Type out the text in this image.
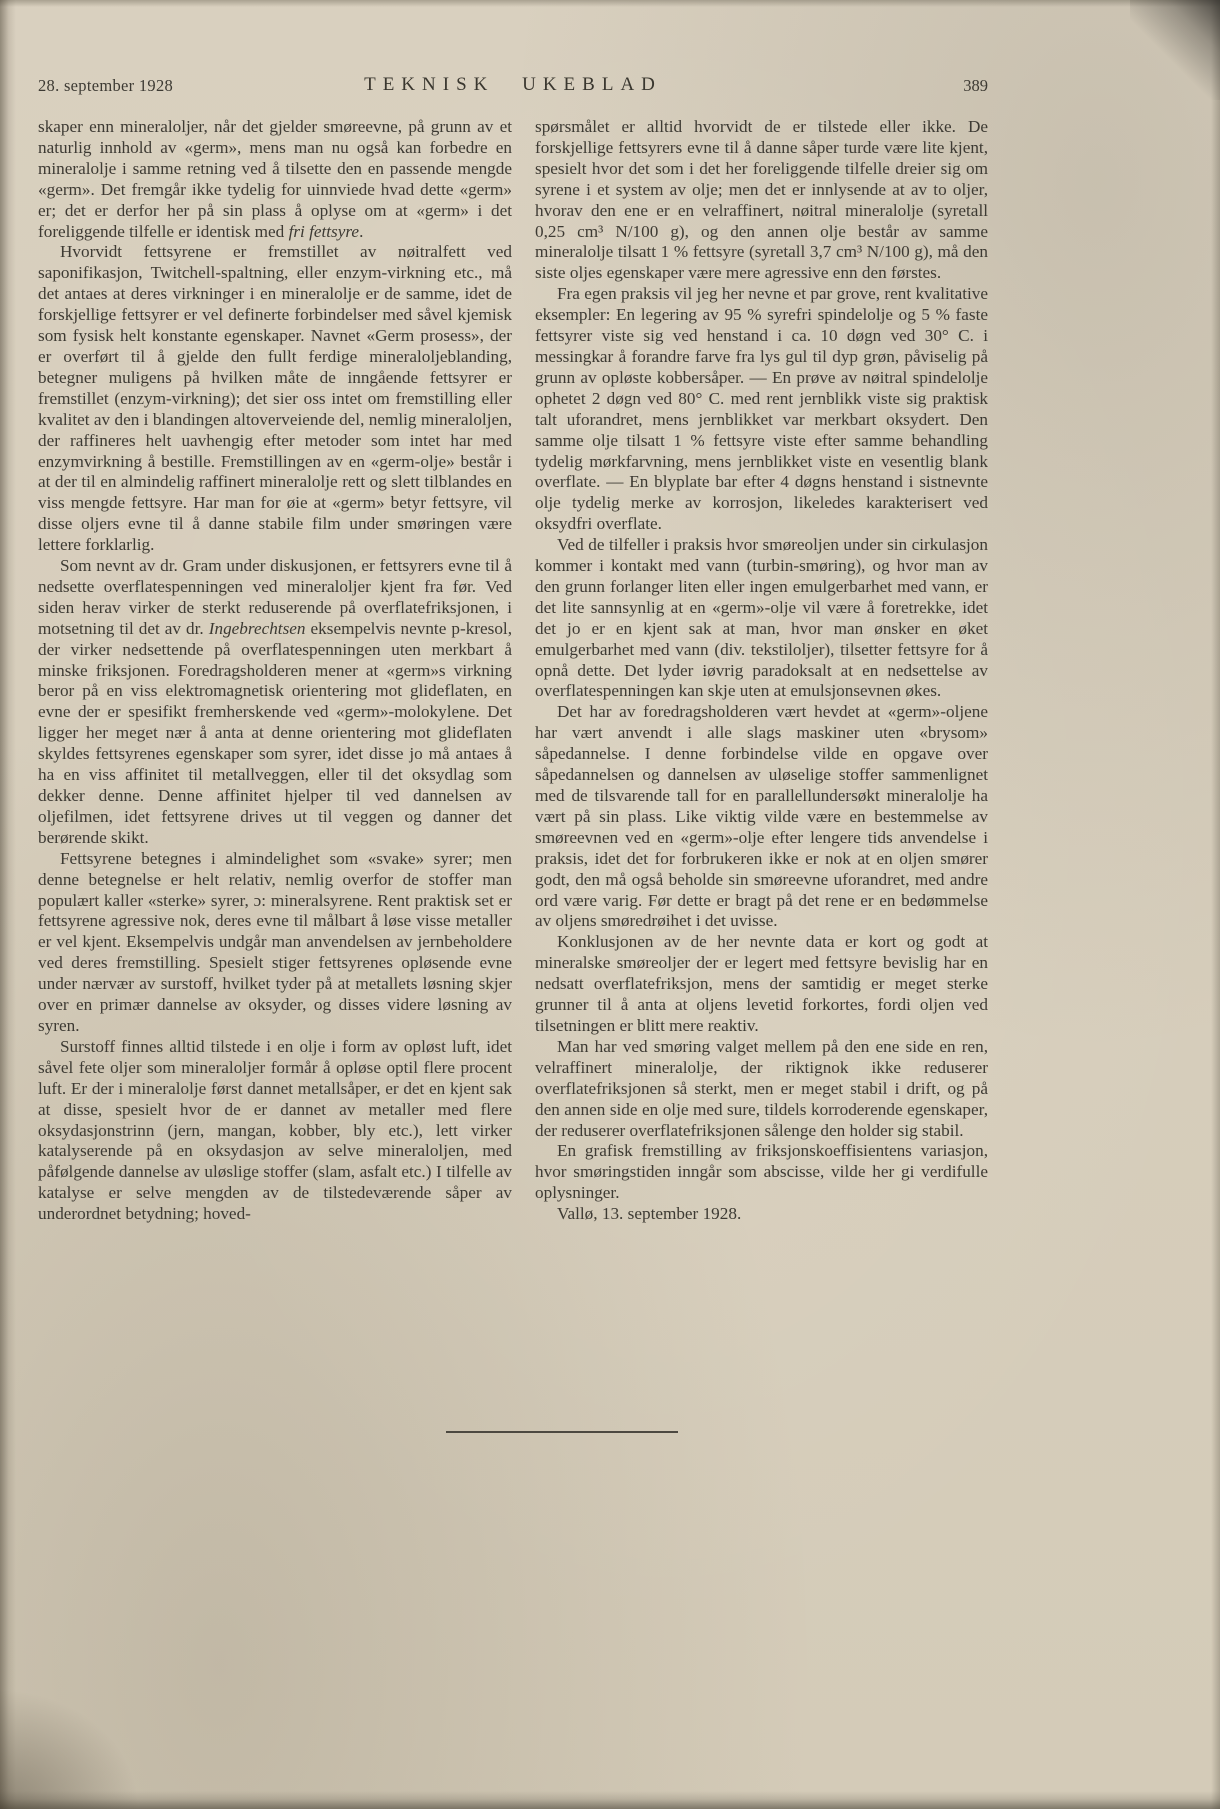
28. september 1928	TEKNISK UKEBLAD	389

skaper enn mineraloljer, når det gjelder smøreevne, på grunn av et naturlig innhold av «germ», mens man nu også kan forbedre en mineralolje i samme retning ved å tilsette den en passende mengde «germ». Det fremgår ikke tydelig for uinnviede hvad dette «germ» er; det er derfor her på sin plass å oplyse om at «germ» i det foreliggende tilfelle er identisk med fri fettsyre.

Hvorvidt fettsyrene er fremstillet av nøitralfett ved saponifikasjon, Twitchell-spaltning, eller enzym-virkning etc., må det antaes at deres virkninger i en mineralolje er de samme, idet de forskjellige fettsyrer er vel definerte forbindelser med såvel kjemisk som fysisk helt konstante egenskaper. Navnet «Germ prosess», der er overført til å gjelde den fullt ferdige mineraloljeblanding, betegner muligens på hvilken måte de inngående fettsyrer er fremstillet (enzym-virkning); det sier oss intet om fremstilling eller kvalitet av den i blandingen altoverveiende del, nemlig mineraloljen, der raffineres helt uavhengig efter metoder som intet har med enzymvirkning å bestille. Fremstillingen av en «germ-olje» består i at der til en almindelig raffinert mineralolje rett og slett tilblandes en viss mengde fettsyre. Har man for øie at «germ» betyr fettsyre, vil disse oljers evne til å danne stabile film under smøringen være lettere forklarlig.

Som nevnt av dr. Gram under diskusjonen, er fettsyrers evne til å nedsette overflatespenningen ved mineraloljer kjent fra før. Ved siden herav virker de sterkt reduserende på overflatefriksjonen, i motsetning til det av dr. Ingebrechtsen eksempelvis nevnte p-kresol, der virker nedsettende på overflatespenningen uten merkbart å minske friksjonen. Foredragsholderen mener at «germ»s virkning beror på en viss elektromagnetisk orientering mot glideflaten, en evne der er spesifikt fremherskende ved «germ»-molokylene. Det ligger her meget nær å anta at denne orientering mot glideflaten skyldes fettsyrenes egenskaper som syrer, idet disse jo må antaes å ha en viss affinitet til metallveggen, eller til det oksydlag som dekker denne. Denne affinitet hjelper til ved dannelsen av oljefilmen, idet fettsyrene drives ut til veggen og danner det berørende skikt.

Fettsyrene betegnes i almindelighet som «svake» syrer; men denne betegnelse er helt relativ, nemlig overfor de stoffer man populært kaller «sterke» syrer, ɔ: mineralsyrene. Rent praktisk set er fettsyrene agressive nok, deres evne til målbart å løse visse metaller er vel kjent. Eksempelvis undgår man anvendelsen av jernbeholdere ved deres fremstilling. Spesielt stiger fettsyrenes opløsende evne under nærvær av surstoff, hvilket tyder på at metallets løsning skjer over en primær dannelse av oksyder, og disses videre løsning av syren.

Surstoff finnes alltid tilstede i en olje i form av opløst luft, idet såvel fete oljer som mineraloljer formår å opløse optil flere procent luft. Er der i mineralolje først dannet metallsåper, er det en kjent sak at disse, spesielt hvor de er dannet av metaller med flere oksydasjonstrinn (jern, mangan, kobber, bly etc.), lett virker katalyserende på en oksydasjon av selve mineraloljen, med påfølgende dannelse av uløslige stoffer (slam, asfalt etc.) I tilfelle av katalyse er selve mengden av de tilstedeværende såper av underordnet betydning; hoved-

spørsmålet er alltid hvorvidt de er tilstede eller ikke. De forskjellige fettsyrers evne til å danne såper turde være lite kjent, spesielt hvor det som i det her foreliggende tilfelle dreier sig om syrene i et system av olje; men det er innlysende at av to oljer, hvorav den ene er en velraffinert, nøitral mineralolje (syretall 0,25 cm³ N/100 g), og den annen olje består av samme mineralolje tilsatt 1 % fettsyre (syretall 3,7 cm³ N/100 g), må den siste oljes egenskaper være mere agressive enn den førstes.

Fra egen praksis vil jeg her nevne et par grove, rent kvalitative eksempler: En legering av 95 % syrefri spindelolje og 5 % faste fettsyrer viste sig ved henstand i ca. 10 døgn ved 30° C. i messingkar å forandre farve fra lys gul til dyp grøn, påviselig på grunn av opløste kobbersåper. — En prøve av nøitral spindelolje ophetet 2 døgn ved 80° C. med rent jernblikk viste sig praktisk talt uforandret, mens jernblikket var merkbart oksydert. Den samme olje tilsatt 1 % fettsyre viste efter samme behandling tydelig mørkfarvning, mens jernblikket viste en vesentlig blank overflate. — En blyplate bar efter 4 døgns henstand i sistnevnte olje tydelig merke av korrosjon, likeledes karakterisert ved oksydfri overflate.

Ved de tilfeller i praksis hvor smøreoljen under sin cirkulasjon kommer i kontakt med vann (turbin-smøring), og hvor man av den grunn forlanger liten eller ingen emulgerbarhet med vann, er det lite sannsynlig at en «germ»-olje vil være å foretrekke, idet det jo er en kjent sak at man, hvor man ønsker en øket emulgerbarhet med vann (div. tekstiloljer), tilsetter fettsyre for å opnå dette. Det lyder iøvrig paradoksalt at en nedsettelse av overflatespenningen kan skje uten at emulsjonsevnen økes.

Det har av foredragsholderen vært hevdet at «germ»-oljene har vært anvendt i alle slags maskiner uten «brysom» såpedannelse. I denne forbindelse vilde en opgave over såpedannelsen og dannelsen av uløselige stoffer sammenlignet med de tilsvarende tall for en parallellundersøkt mineralolje ha vært på sin plass. Like viktig vilde være en bestemmelse av smøreevnen ved en «germ»-olje efter lengere tids anvendelse i praksis, idet det for forbrukeren ikke er nok at en oljen smører godt, den må også beholde sin smøreevne uforandret, med andre ord være varig. Før dette er bragt på det rene er en bedømmelse av oljens smøredrøihet i det uvisse.

Konklusjonen av de her nevnte data er kort og godt at mineralske smøreoljer der er legert med fettsyre bevislig har en nedsatt overflatefriksjon, mens der samtidig er meget sterke grunner til å anta at oljens levetid forkortes, fordi oljen ved tilsetningen er blitt mere reaktiv.

Man har ved smøring valget mellem på den ene side en ren, velraffinert mineralolje, der riktignok ikke reduserer overflatefriksjonen så sterkt, men er meget stabil i drift, og på den annen side en olje med sure, tildels korroderende egenskaper, der reduserer overflatefriksjonen sålenge den holder sig stabil.

En grafisk fremstilling av friksjonskoeffisientens variasjon, hvor smøringstiden inngår som abscisse, vilde her gi verdifulle oplysninger.

Vallø, 13. september 1928.
